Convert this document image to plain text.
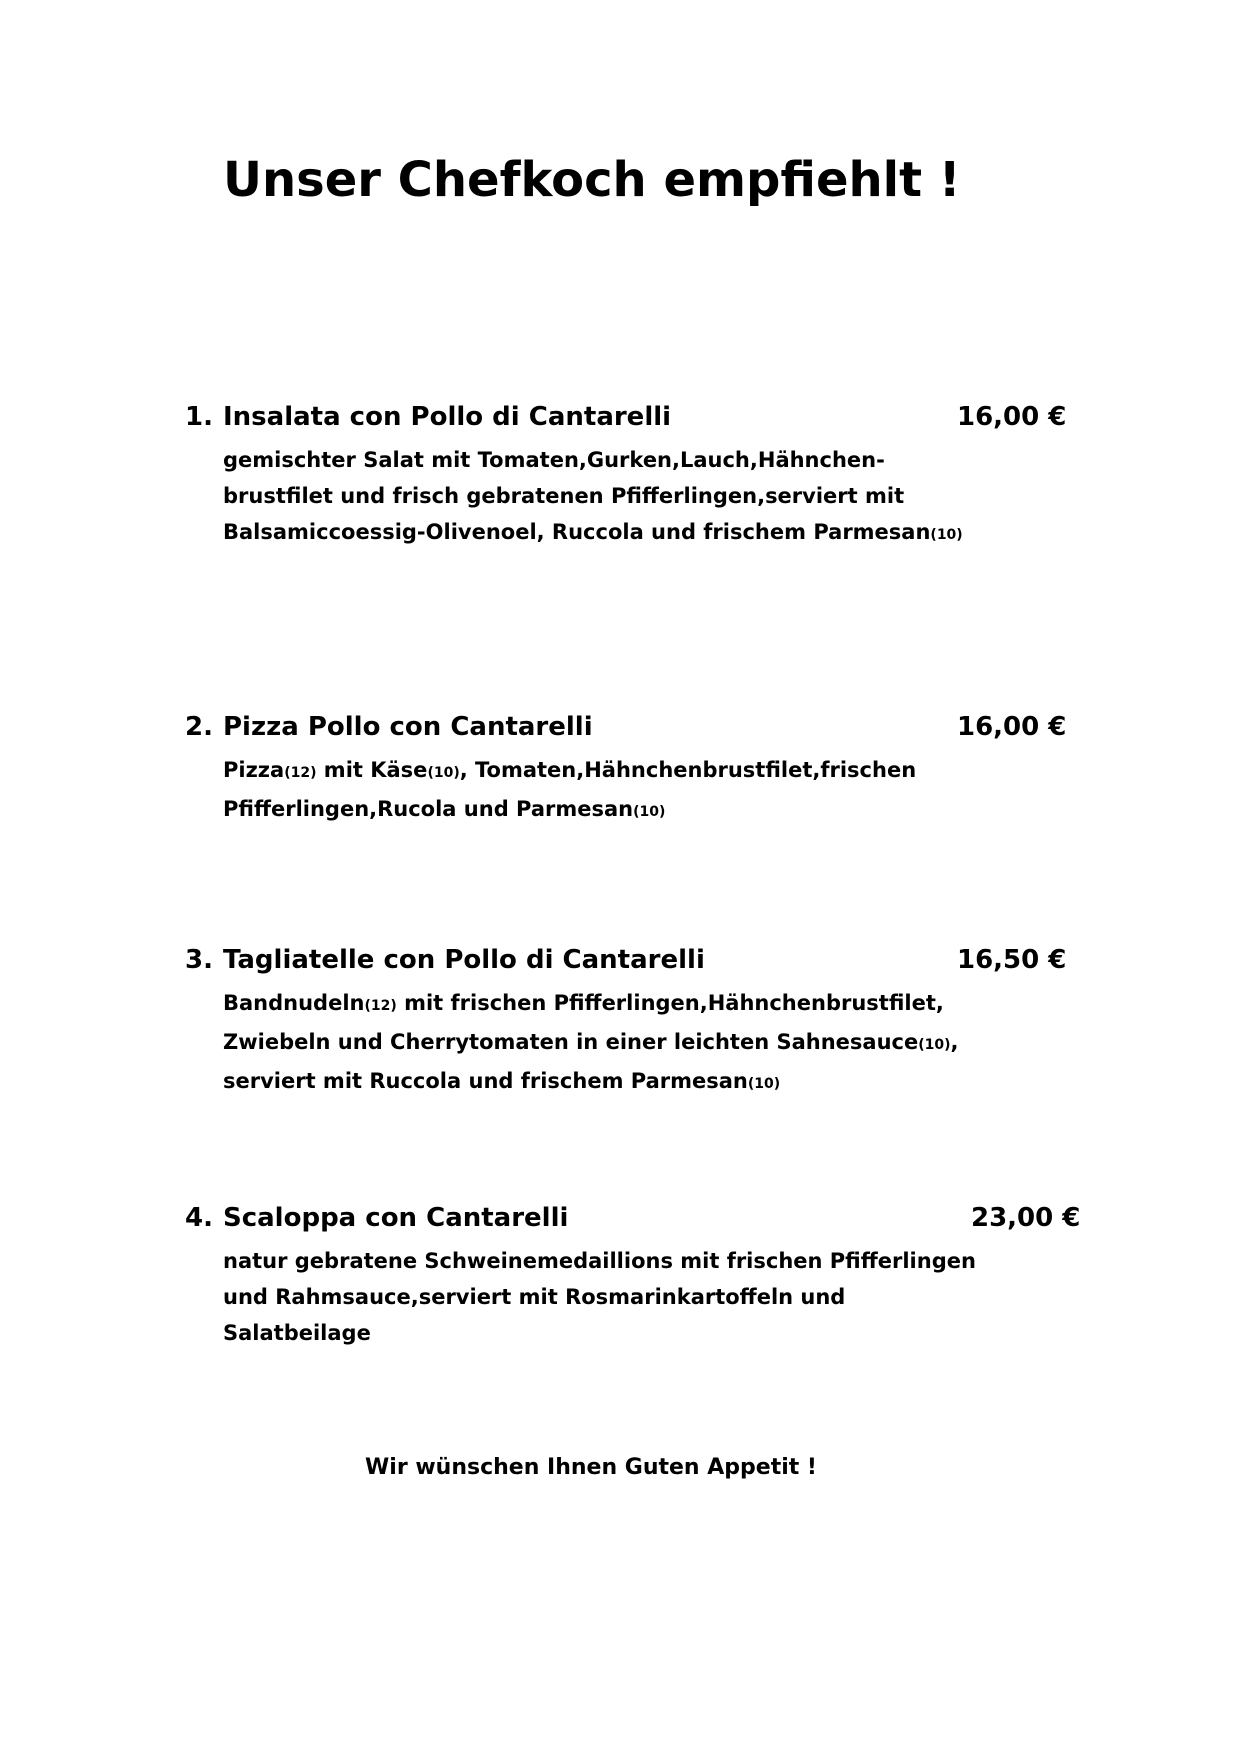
Unser Chefkoch empfiehlt !
1. Insalata con Pollo di Cantarelli	16,00 €
gemischter Salat mit Tomaten,Gurken,Lauch,Hähnchen-
brustfilet und frisch gebratenen Pfifferlingen,serviert mit
Balsamiccoessig-Olivenoel, Ruccola und frischem Parmesan(10)
2. Pizza Pollo con Cantarelli	16,00 €
Pizza(12) mit Käse(10), Tomaten,Hähnchenbrustfilet,frischen
Pfifferlingen,Rucola und Parmesan(10)
3. Tagliatelle con Pollo di Cantarelli	16,50 €
Bandnudeln(12) mit frischen Pfifferlingen,Hähnchenbrustfilet,
Zwiebeln und Cherrytomaten in einer leichten Sahnesauce(10),
serviert mit Ruccola und frischem Parmesan(10)
4. Scaloppa con Cantarelli	23,00 €
natur gebratene Schweinemedaillions mit frischen Pfifferlingen
und Rahmsauce,serviert mit Rosmarinkartoffeln und
Salatbeilage
Wir wünschen Ihnen Guten Appetit !
